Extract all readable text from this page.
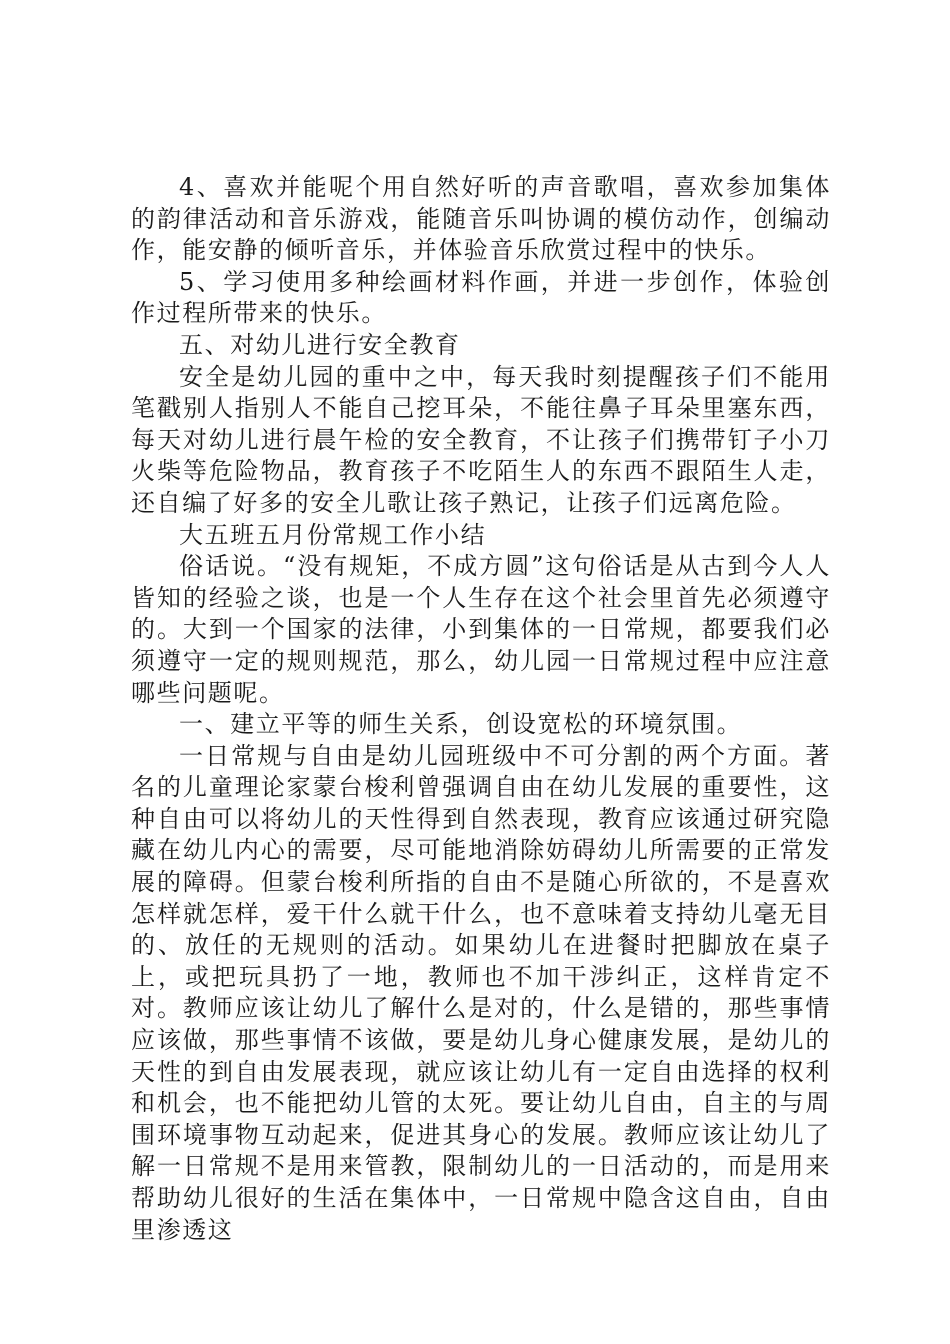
4、喜欢并能呢个用自然好听的声音歌唱，喜欢参加集体的韵律活动和音乐游戏，能随音乐叫协调的模仿动作，创编动作，能安静的倾听音乐，并体验音乐欣赏过程中的快乐。

5、学习使用多种绘画材料作画，并进一步创作，体验创作过程所带来的快乐。

五、对幼儿进行安全教育

安全是幼儿园的重中之中，每天我时刻提醒孩子们不能用笔戳别人指别人不能自己挖耳朵，不能往鼻子耳朵里塞东西，每天对幼儿进行晨午检的安全教育，不让孩子们携带钉子小刀火柴等危险物品，教育孩子不吃陌生人的东西不跟陌生人走，还自编了好多的安全儿歌让孩子熟记，让孩子们远离危险。

大五班五月份常规工作小结

俗话说。“没有规矩，不成方圆”这句俗话是从古到今人人皆知的经验之谈，也是一个人生存在这个社会里首先必须遵守的。大到一个国家的法律，小到集体的一日常规，都要我们必须遵守一定的规则规范，那么，幼儿园一日常规过程中应注意哪些问题呢。

一、建立平等的师生关系，创设宽松的环境氛围。

一日常规与自由是幼儿园班级中不可分割的两个方面。著名的儿童理论家蒙台梭利曾强调自由在幼儿发展的重要性，这种自由可以将幼儿的天性得到自然表现，教育应该通过研究隐藏在幼儿内心的需要，尽可能地消除妨碍幼儿所需要的正常发展的障碍。但蒙台梭利所指的自由不是随心所欲的，不是喜欢怎样就怎样，爱干什么就干什么，也不意味着支持幼儿毫无目的、放任的无规则的活动。如果幼儿在进餐时把脚放在桌子上，或把玩具扔了一地，教师也不加干涉纠正，这样肯定不对。教师应该让幼儿了解什么是对的，什么是错的，那些事情应该做，那些事情不该做，要是幼儿身心健康发展，是幼儿的天性的到自由发展表现，就应该让幼儿有一定自由选择的权利和机会，也不能把幼儿管的太死。要让幼儿自由，自主的与周围环境事物互动起来，促进其身心的发展。教师应该让幼儿了解一日常规不是用来管教，限制幼儿的一日活动的，而是用来帮助幼儿很好的生活在集体中，一日常规中隐含这自由，自由里渗透这
